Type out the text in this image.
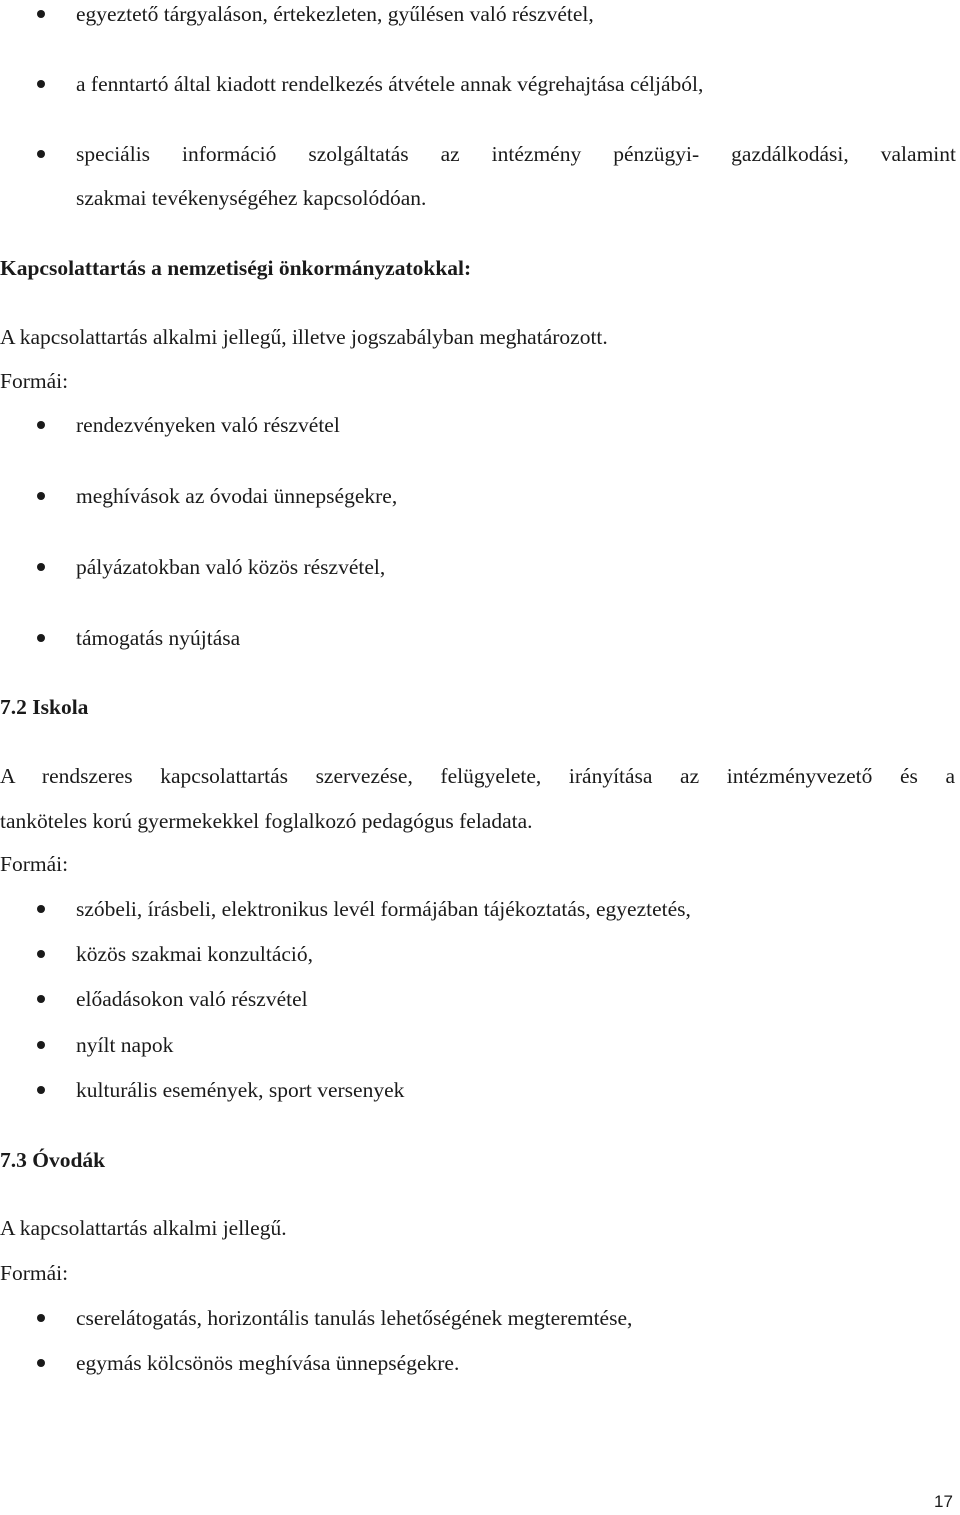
egyeztető tárgyaláson, értekezleten, gyűlésen való részvétel,
a fenntartó által kiadott rendelkezés átvétele annak végrehajtása céljából,
speciális információ szolgáltatás az intézmény pénzügyi- gazdálkodási, valamint
szakmai tevékenységéhez kapcsolódóan.
Kapcsolattartás a nemzetiségi önkormányzatokkal:
A kapcsolattartás alkalmi jellegű, illetve jogszabályban meghatározott.
Formái:
rendezvényeken való részvétel
meghívások az óvodai ünnepségekre,
pályázatokban való közös részvétel,
támogatás nyújtása
7.2 Iskola
A rendszeres kapcsolattartás szervezése, felügyelete, irányítása az intézményvezető és a
tanköteles korú gyermekekkel foglalkozó pedagógus feladata.
Formái:
szóbeli, írásbeli, elektronikus levél formájában tájékoztatás, egyeztetés,
közös szakmai konzultáció,
előadásokon való részvétel
nyílt napok
kulturális események, sport versenyek
7.3 Óvodák
A kapcsolattartás alkalmi jellegű.
Formái:
cserelátogatás, horizontális tanulás lehetőségének megteremtése,
egymás kölcsönös meghívása ünnepségekre.
17
